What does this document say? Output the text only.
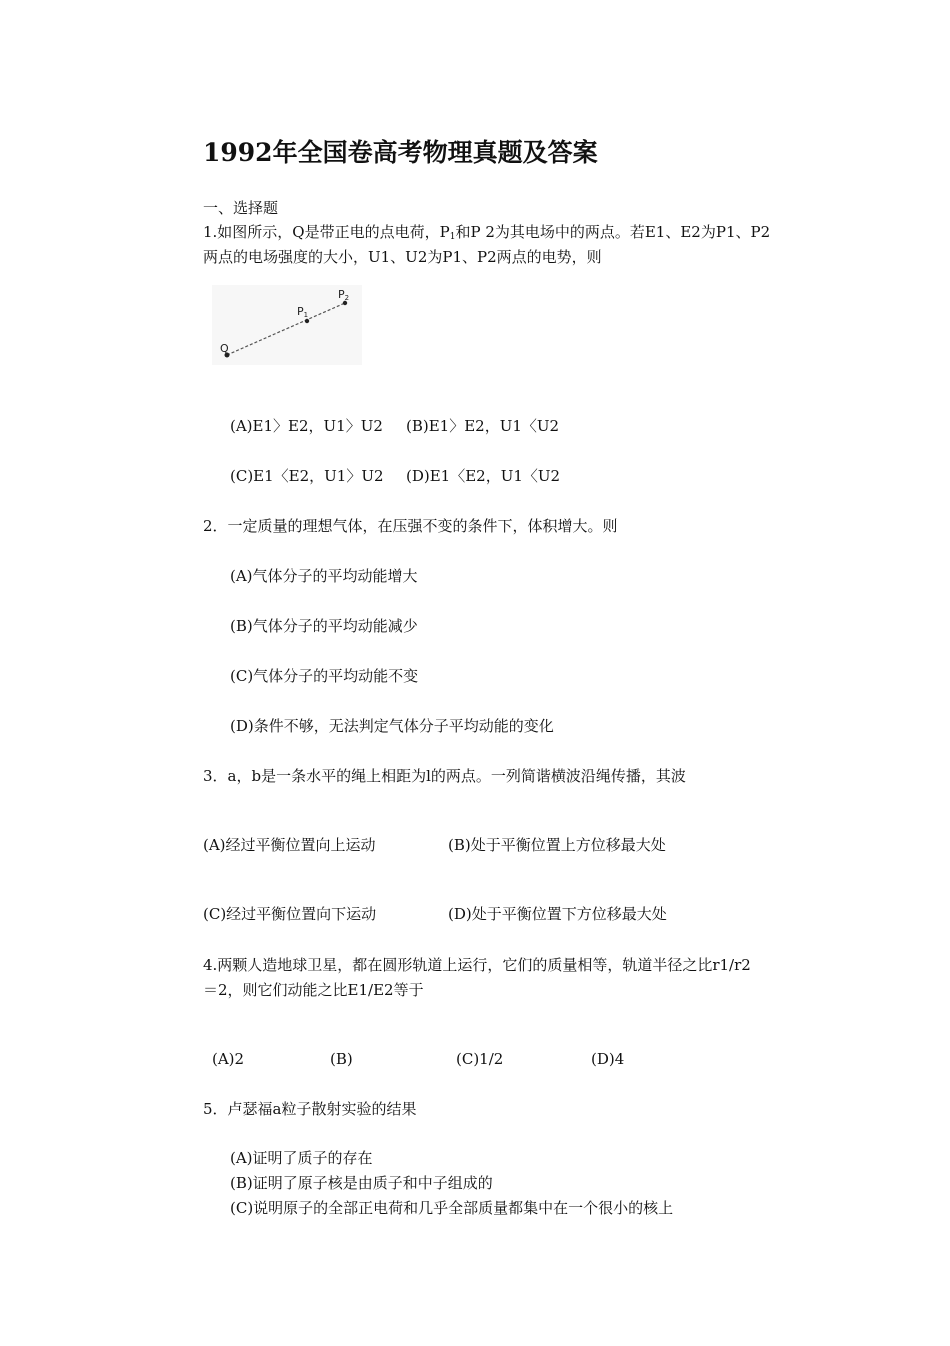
1992年全国卷高考物理真题及答案
一、选择题
1.如图所示，Q是带正电的点电荷，$P_1$和P 2为其电场中的两点。若E1、E2为P1、P2
两点的电场强度的大小，U1、U2为P1、P2两点的电势，则
Q
P1
P2
(A)E1〉E2，U1〉U2 (B)E1〉E2，U1〈U2
(C)E1〈E2，U1〉U2 (D)E1〈E2，U1〈U2
2．一定质量的理想气体，在压强不变的条件下，体积增大。则
(A)气体分子的平均动能增大
(B)气体分子的平均动能减少
(C)气体分子的平均动能不变
(D)条件不够，无法判定气体分子平均动能的变化
3．a，b是一条水平的绳上相距为l的两点。一列简谐横波沿绳传播，其波
(A)经过平衡位置向上运动	(B)处于平衡位置上方位移最大处
(C)经过平衡位置向下运动	(D)处于平衡位置下方位移最大处
4.两颗人造地球卫星，都在圆形轨道上运行，它们的质量相等，轨道半径之比r1/r2
＝2，则它们动能之比E1/E2等于
(A)2	(B)	(C)1/2	(D)4
5．卢瑟福a粒子散射实验的结果
(A)证明了质子的存在
(B)证明了原子核是由质子和中子组成的
(C)说明原子的全部正电荷和几乎全部质量都集中在一个很小的核上
